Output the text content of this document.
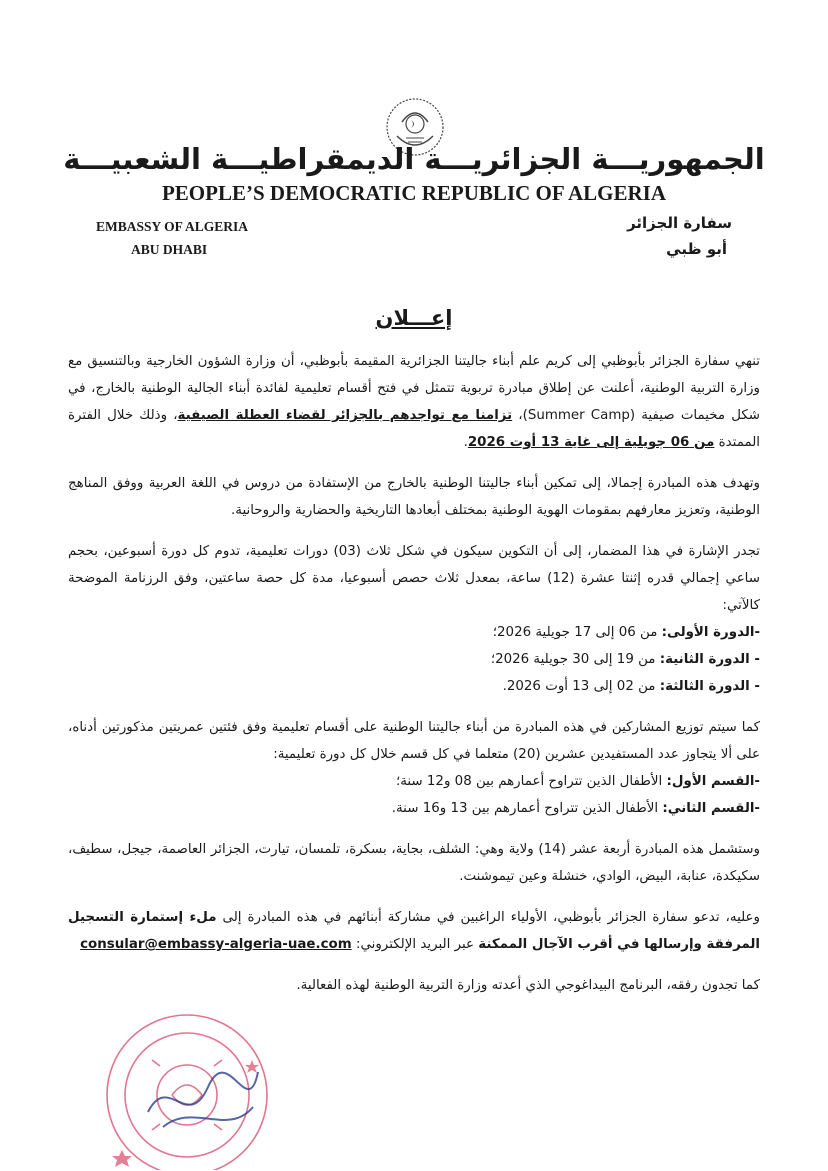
الجمهوريـــة الجزائريـــة الديمقراطيـــة الشعبيـــة
PEOPLE’S DEMOCRATIC REPUBLIC OF ALGERIA
EMBASSY OF ALGERIA
ABU DHABI
سفارة الجزائر
أبو ظبي
إعـــلان

تنهي سفارة الجزائر بأبوظبي إلى كريم علم أبناء جاليتنا الجزائرية المقيمة بأبوظبي، أن وزارة الشؤون الخارجية وبالتنسيق مع وزارة التربية الوطنية، أعلنت عن إطلاق مبادرة تربوية تتمثل في فتح أقسام تعليمية لفائدة أبناء الجالية الوطنية بالخارج، في شكل مخيمات صيفية (Summer Camp)، تزامنا مع تواجدهم بالجزائر لقضاء العطلة الصيفية، وذلك خلال الفترة الممتدة من 06 جويلية إلى غاية 13 أوت 2026.

وتهدف هذه المبادرة إجمالا، إلى تمكين أبناء جاليتنا الوطنية بالخارج من الإستفادة من دروس في اللغة العربية ووفق المناهج الوطنية، وتعزيز معارفهم بمقومات الهوية الوطنية بمختلف أبعادها التاريخية والحضارية والروحانية.

تجدر الإشارة في هذا المضمار، إلى أن التكوين سيكون في شكل ثلاث (03) دورات تعليمية، تدوم كل دورة أسبوعين، بحجم ساعي إجمالي قدره إثنتا عشرة (12) ساعة، بمعدل ثلاث حصص أسبوعيا، مدة كل حصة ساعتين، وفق الرزنامة الموضحة كالآتي:
-الدورة الأولى: من 06 إلى 17 جويلية 2026؛
- الدورة الثانية: من 19 إلى 30 جويلية 2026؛
- الدورة الثالثة: من 02 إلى 13 أوت 2026.

كما سيتم توزيع المشاركين في هذه المبادرة من أبناء جاليتنا الوطنية على أقسام تعليمية وفق فئتين عمريتين مذكورتين أدناه، على ألا يتجاوز عدد المستفيدين عشرين (20) متعلما في كل قسم خلال كل دورة تعليمية:
-القسم الأول: الأطفال الذين تتراوح أعمارهم بين 08 و12 سنة؛
-القسم الثاني: الأطفال الذين تتراوح أعمارهم بين 13 و16 سنة.

وستشمل هذه المبادرة أربعة عشر (14) ولاية وهي: الشلف، بجاية، بسكرة، تلمسان، تيارت، الجزائر العاصمة، جيجل، سطيف، سكيكدة، عنابة، البيض، الوادي، خنشلة وعين تيموشنت.

وعليه، تدعو سفارة الجزائر بأبوظبي، الأولياء الراغبين في مشاركة أبنائهم في هذه المبادرة إلى ملء إستمارة التسجيل المرفقة وإرسالها في أقرب الآجال الممكنة عبر البريد الإلكتروني: consular@embassy-algeria-uae.com

كما تجدون رفقه، البرنامج البيداغوجي الذي أعدته وزارة التربية الوطنية لهذه الفعالية.
